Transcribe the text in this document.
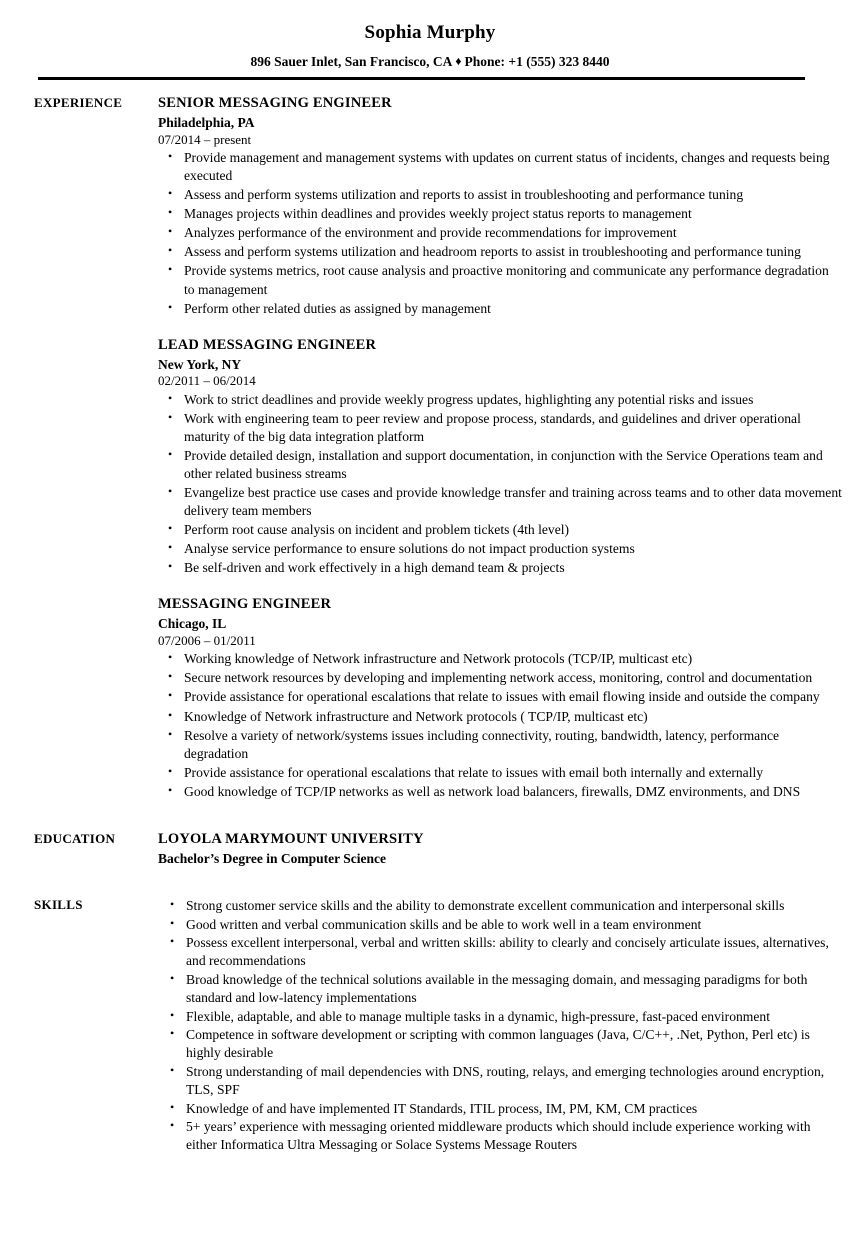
Sophia Murphy
896 Sauer Inlet, San Francisco, CA ♦ Phone: +1 (555) 323 8440
EXPERIENCE	SENIOR MESSAGING ENGINEER
Philadelphia, PA
07/2014 – present
• Provide management and management systems with updates on current status of incidents, changes and requests being executed
• Assess and perform systems utilization and reports to assist in troubleshooting and performance tuning
• Manages projects within deadlines and provides weekly project status reports to management
• Analyzes performance of the environment and provide recommendations for improvement
• Assess and perform systems utilization and headroom reports to assist in troubleshooting and performance tuning
• Provide systems metrics, root cause analysis and proactive monitoring and communicate any performance degradation to management
• Perform other related duties as assigned by management
LEAD MESSAGING ENGINEER
New York, NY
02/2011 – 06/2014
• Work to strict deadlines and provide weekly progress updates, highlighting any potential risks and issues
• Work with engineering team to peer review and propose process, standards, and guidelines and driver operational maturity of the big data integration platform
• Provide detailed design, installation and support documentation, in conjunction with the Service Operations team and other related business streams
• Evangelize best practice use cases and provide knowledge transfer and training across teams and to other data movement delivery team members
• Perform root cause analysis on incident and problem tickets (4th level)
• Analyse service performance to ensure solutions do not impact production systems
• Be self-driven and work effectively in a high demand team & projects
MESSAGING ENGINEER
Chicago, IL
07/2006 – 01/2011
• Working knowledge of Network infrastructure and Network protocols (TCP/IP, multicast etc)
• Secure network resources by developing and implementing network access, monitoring, control and documentation
• Provide assistance for operational escalations that relate to issues with email flowing inside and outside the company
• Knowledge of Network infrastructure and Network protocols ( TCP/IP, multicast etc)
• Resolve a variety of network/systems issues including connectivity, routing, bandwidth, latency, performance degradation
• Provide assistance for operational escalations that relate to issues with email both internally and externally
• Good knowledge of TCP/IP networks as well as network load balancers, firewalls, DMZ environments, and DNS
EDUCATION	LOYOLA MARYMOUNT UNIVERSITY
Bachelor’s Degree in Computer Science
SKILLS	• Strong customer service skills and the ability to demonstrate excellent communication and interpersonal skills
• Good written and verbal communication skills and be able to work well in a team environment
• Possess excellent interpersonal, verbal and written skills: ability to clearly and concisely articulate issues, alternatives, and recommendations
• Broad knowledge of the technical solutions available in the messaging domain, and messaging paradigms for both standard and low-latency implementations
• Flexible, adaptable, and able to manage multiple tasks in a dynamic, high-pressure, fast-paced environment
• Competence in software development or scripting with common languages (Java, C/C++, .Net, Python, Perl etc) is highly desirable
• Strong understanding of mail dependencies with DNS, routing, relays, and emerging technologies around encryption, TLS, SPF
• Knowledge of and have implemented IT Standards, ITIL process, IM, PM, KM, CM practices
• 5+ years’ experience with messaging oriented middleware products which should include experience working with either Informatica Ultra Messaging or Solace Systems Message Routers
